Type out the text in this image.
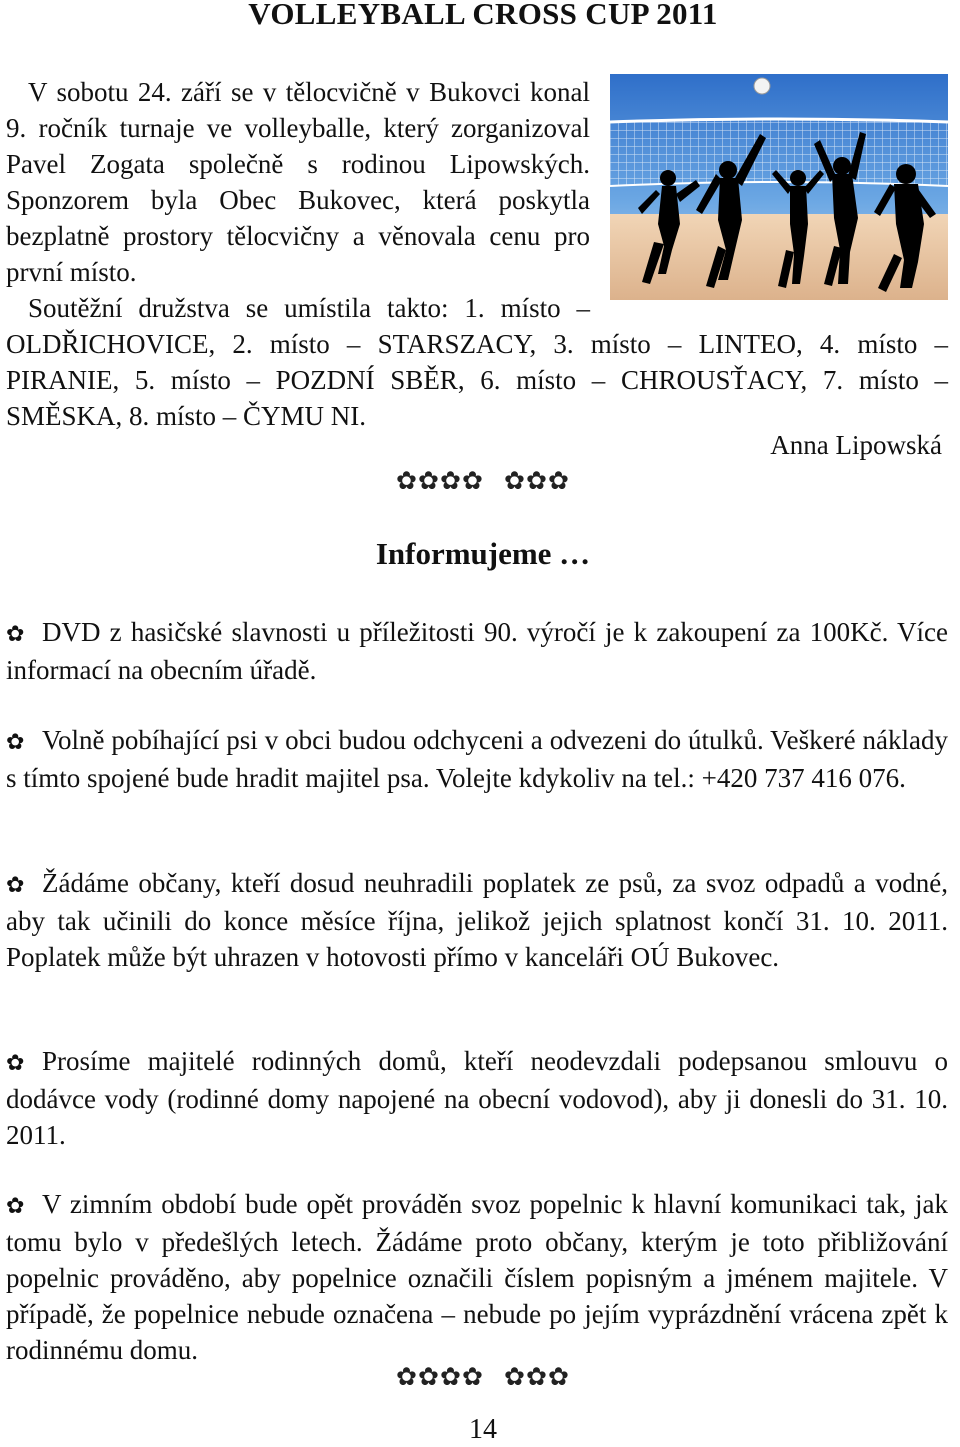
VOLLEYBALL CROSS CUP 2011

V sobotu 24. září se v tělocvičně v Bukovci konal 9. ročník turnaje ve volleyballe, který zorganizoval Pavel Zogata společně s rodinou Lipowských. Sponzorem byla Obec Bukovec, která poskytla bezplatně prostory tělocvičny a věnovala cenu pro první místo.

Soutěžní družstva se umístila takto: 1. místo – OLDŘICHOVICE, 2. místo – STARSZACY, 3. místo – LINTEO, 4. místo – PIRANIE, 5. místo – POZDNÍ SBĚR, 6. místo – CHROUSŤACY, 7. místo – SMĚSKA, 8. místo – ČYMU NI.

Anna Lipowská
✿✿✿✿ ✿✿✿
Informujeme …

✿ DVD z hasičské slavnosti u příležitosti 90. výročí je k zakoupení za 100Kč. Více informací na obecním úřadě.

✿ Volně pobíhající psi v obci budou odchyceni a odvezeni do útulků. Veškeré náklady s tímto spojené bude hradit majitel psa. Volejte kdykoliv na tel.: +420 737 416 076.

✿ Žádáme občany, kteří dosud neuhradili poplatek ze psů, za svoz odpadů a vodné, aby tak učinili do konce měsíce října, jelikož jejich splatnost končí 31. 10. 2011. Poplatek může být uhrazen v hotovosti přímo v kanceláři OÚ Bukovec.

✿ Prosíme majitelé rodinných domů, kteří neodevzdali podepsanou smlouvu o dodávce vody (rodinné domy napojené na obecní vodovod), aby ji donesli do 31. 10. 2011.

✿ V zimním období bude opět prováděn svoz popelnic k hlavní komunikaci tak, jak tomu bylo v předešlých letech. Žádáme proto občany, kterým je toto přibližování popelnic prováděno, aby popelnice označili číslem popisným a jménem majitele. V případě, že popelnice nebude označena – nebude po jejím vyprázdnění vrácena zpět k rodinnému domu.

✿✿✿✿ ✿✿✿
14
